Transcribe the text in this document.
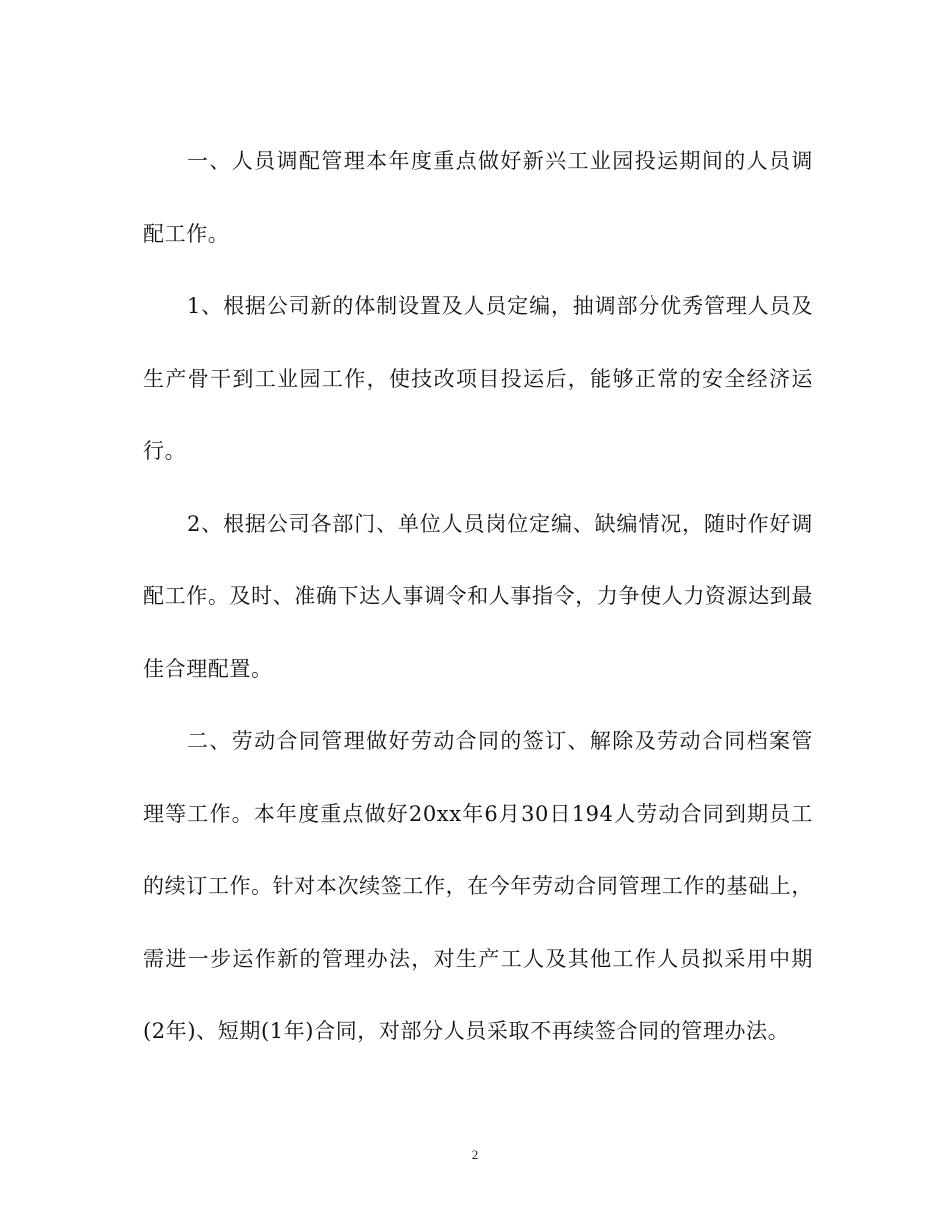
一、人员调配管理本年度重点做好新兴工业园投运期间的人员调配工作。

1、根据公司新的体制设置及人员定编，抽调部分优秀管理人员及生产骨干到工业园工作，使技改项目投运后，能够正常的安全经济运行。

2、根据公司各部门、单位人员岗位定编、缺编情况，随时作好调配工作。及时、准确下达人事调令和人事指令，力争使人力资源达到最佳合理配置。

二、劳动合同管理做好劳动合同的签订、解除及劳动合同档案管理等工作。本年度重点做好20xx年6月30日194人劳动合同到期员工的续订工作。针对本次续签工作，在今年劳动合同管理工作的基础上，需进一步运作新的管理办法，对生产工人及其他工作人员拟采用中期(2年)、短期(1年)合同，对部分人员采取不再续签合同的管理办法。

2
